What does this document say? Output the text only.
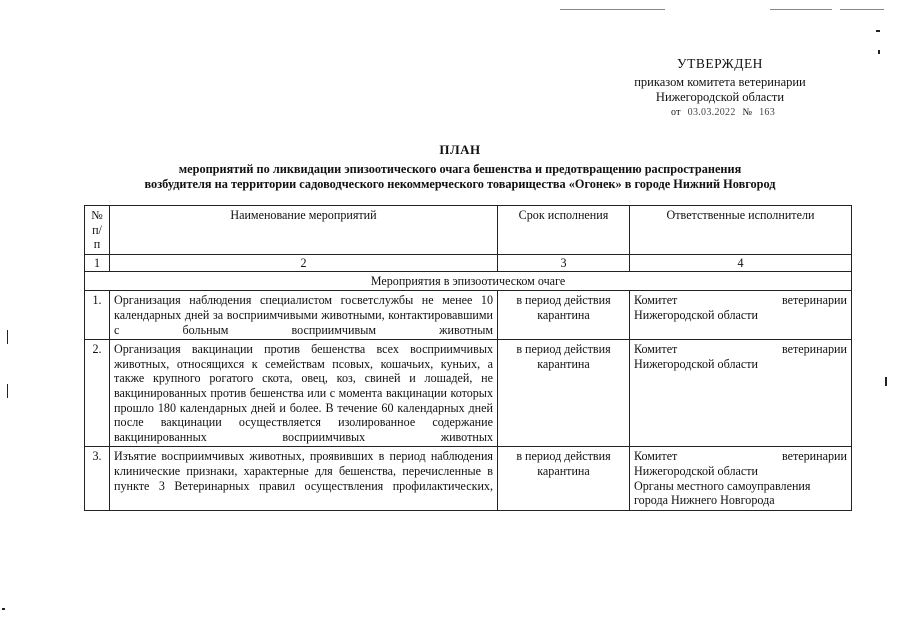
УТВЕРЖДЕН
приказом комитета ветеринарии
Нижегородской области
от 03.03.2022 № 163
ПЛАН
мероприятий по ликвидации эпизоотического очага бешенства и предотвращению распространения
возбудителя на территории садоводческого некоммерческого товарищества «Огонек» в городе Нижний Новгород
№ п/п	Наименование мероприятий	Срок исполнения	Ответственные исполнители
1	2	3	4
Мероприятия в эпизоотическом очаге			
1.	Организация наблюдения специалистом госветслужбы не менее 10 календарных дней за восприимчивыми животными, контактировавшими с больным восприимчивым животным	в период действия карантина	Комитет ветеринарии
Нижегородской области

2.	Организация вакцинации против бешенства всех восприимчивых животных, относящихся к семействам псовых, кошачьих, куньих, а также крупного рогатого скота, овец, коз, свиней и лошадей, не вакцинированных против бешенства или с момента вакцинации которых прошло 180 календарных дней и более. В течение 60 календарных дней после вакцинации осуществляется изолированное содержание вакцинированных восприимчивых животных	в период действия карантина	Комитет ветеринарии
Нижегородской области

3.	Изъятие восприимчивых животных, проявивших в период наблюдения клинические признаки, характерные для бешенства, перечисленные в пункте 3 Ветеринарных правил осуществления профилактических,	в период действия карантина	Комитет ветеринарии
Нижегородской области
Органы местного самоуправления
города Нижнего Новгорода
